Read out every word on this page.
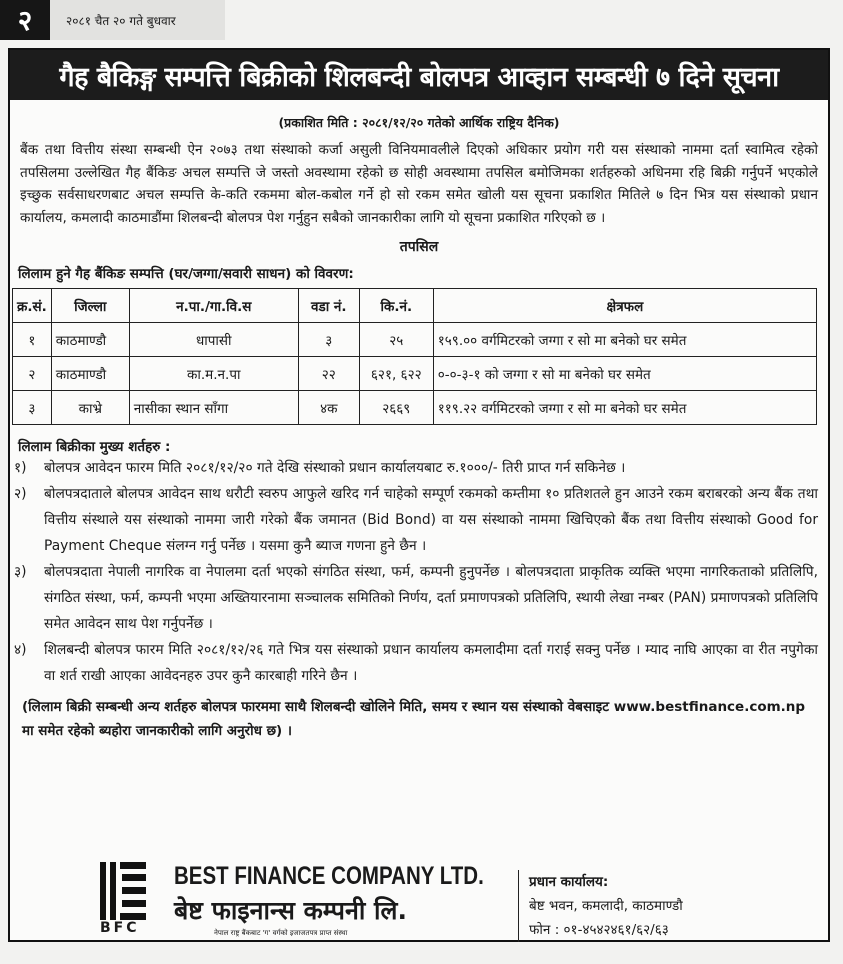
२	२०८१ चैत २० गते बुधवार
गैह बैकिङ्ग सम्पत्ति बिक्रीको शिलबन्दी बोलपत्र आव्हान सम्बन्धी ७ दिने सूचना
(प्रकाशित मिति : २०८१/१२/२० गतेको आर्थिक राष्ट्रिय दैनिक)
बैंक तथा वित्तीय संस्था सम्बन्धी ऐन २०७३ तथा संस्थाको कर्जा असुली विनियमावलीले दिएको अधिकार प्रयोग गरी यस संस्थाको नाममा दर्ता स्वामित्व रहेको तपसिलमा उल्लेखित गैह बैंकिङ अचल सम्पत्ति जे जस्तो अवस्थामा रहेको छ सोही अवस्थामा तपसिल बमोजिमका शर्तहरुको अधिनमा रहि बिक्री गर्नुपर्ने भएकोले इच्छुक सर्वसाधरणबाट अचल सम्पत्ति के-कति रकममा बोल-कबोल गर्ने हो सो रकम समेत खोली यस सूचना प्रकाशित मितिले ७ दिन भित्र यस संस्थाको प्रधान कार्यालय, कमलादी काठमाडौंमा शिलबन्दी बोलपत्र पेश गर्नुहुन सबैको जानकारीका लागि यो सूचना प्रकाशित गरिएको छ ।
तपसिल
लिलाम हुने गैह बैंकिङ सम्पत्ति (घर/जग्गा/सवारी साधन) को विवरण:
क्र.सं.	जिल्ला	न.पा./गा.वि.स	वडा नं.	कि.नं.	क्षेत्रफल
१	काठमाण्डौ	धापासी	३	२५	१५९.०० वर्गमिटरको जग्गा र सो मा बनेको घर समेत
२	काठमाण्डौ	का.म.न.पा	२२	६२१, ६२२	०-०-३-१ को जग्गा र सो मा बनेको घर समेत
३	काभ्रे	नासीका स्थान साँगा	४क	२६६९	११९.२२ वर्गमिटरको जग्गा र सो मा बनेको घर समेत
लिलाम बिक्रीका मुख्य शर्तहरु :
१)	बोलपत्र आवेदन फारम मिति २०८१/१२/२० गते देखि संस्थाको प्रधान कार्यालयबाट रु.१०००/- तिरी प्राप्त गर्न सकिनेछ ।
२)	बोलपत्रदाताले बोलपत्र आवेदन साथ धरौटी स्वरुप आफुले खरिद गर्न चाहेको सम्पूर्ण रकमको कम्तीमा १० प्रतिशतले हुन आउने रकम बराबरको अन्य बैंक तथा वित्तीय संस्थाले यस संस्थाको नाममा जारी गरेको बैंक जमानत (Bid Bond) वा यस संस्थाको नाममा खिचिएको बैंक तथा वित्तीय संस्थाको Good for Payment Cheque संलग्न गर्नु पर्नेछ । यसमा कुनै ब्याज गणना हुने छैन ।
३)	बोलपत्रदाता नेपाली नागरिक वा नेपालमा दर्ता भएको संगठित संस्था, फर्म, कम्पनी हुनुपर्नेछ । बोलपत्रदाता प्राकृतिक व्यक्ति भएमा नागरिकताको प्रतिलिपि, संगठित संस्था, फर्म, कम्पनी भएमा अख्तियारनामा सञ्चालक समितिको निर्णय, दर्ता प्रमाणपत्रको प्रतिलिपि, स्थायी लेखा नम्बर (PAN) प्रमाणपत्रको प्रतिलिपि समेत आवेदन साथ पेश गर्नुपर्नेछ ।
४)	शिलबन्दी बोलपत्र फारम मिति २०८१/१२/२६ गते भित्र यस संस्थाको प्रधान कार्यालय कमलादीमा दर्ता गराई सक्नु पर्नेछ । म्याद नाघि आएका वा रीत नपुगेका वा शर्त राखी आएका आवेदनहरु उपर कुनै कारबाही गरिने छैन ।
(लिलाम बिक्री सम्बन्धी अन्य शर्तहरु बोलपत्र फारममा साथै शिलबन्दी खोलिने मिति, समय र स्थान यस संस्थाको वेबसाइट www.bestfinance.com.np मा समेत रहेको ब्यहोरा जानकारीको लागि अनुरोध छ) ।
BFC
BEST FINANCE COMPANY LTD.
बेष्ट फाइनान्स कम्पनी लि.
नेपाल राष्ट्र बैंकबाट 'ग' वर्गको इजाजतपत्र प्राप्त संस्था
प्रधान कार्यालय:
बेष्ट भवन, कमलादी, काठमाण्डौ
फोन : ०१-४५४२४६१/६२/६३
